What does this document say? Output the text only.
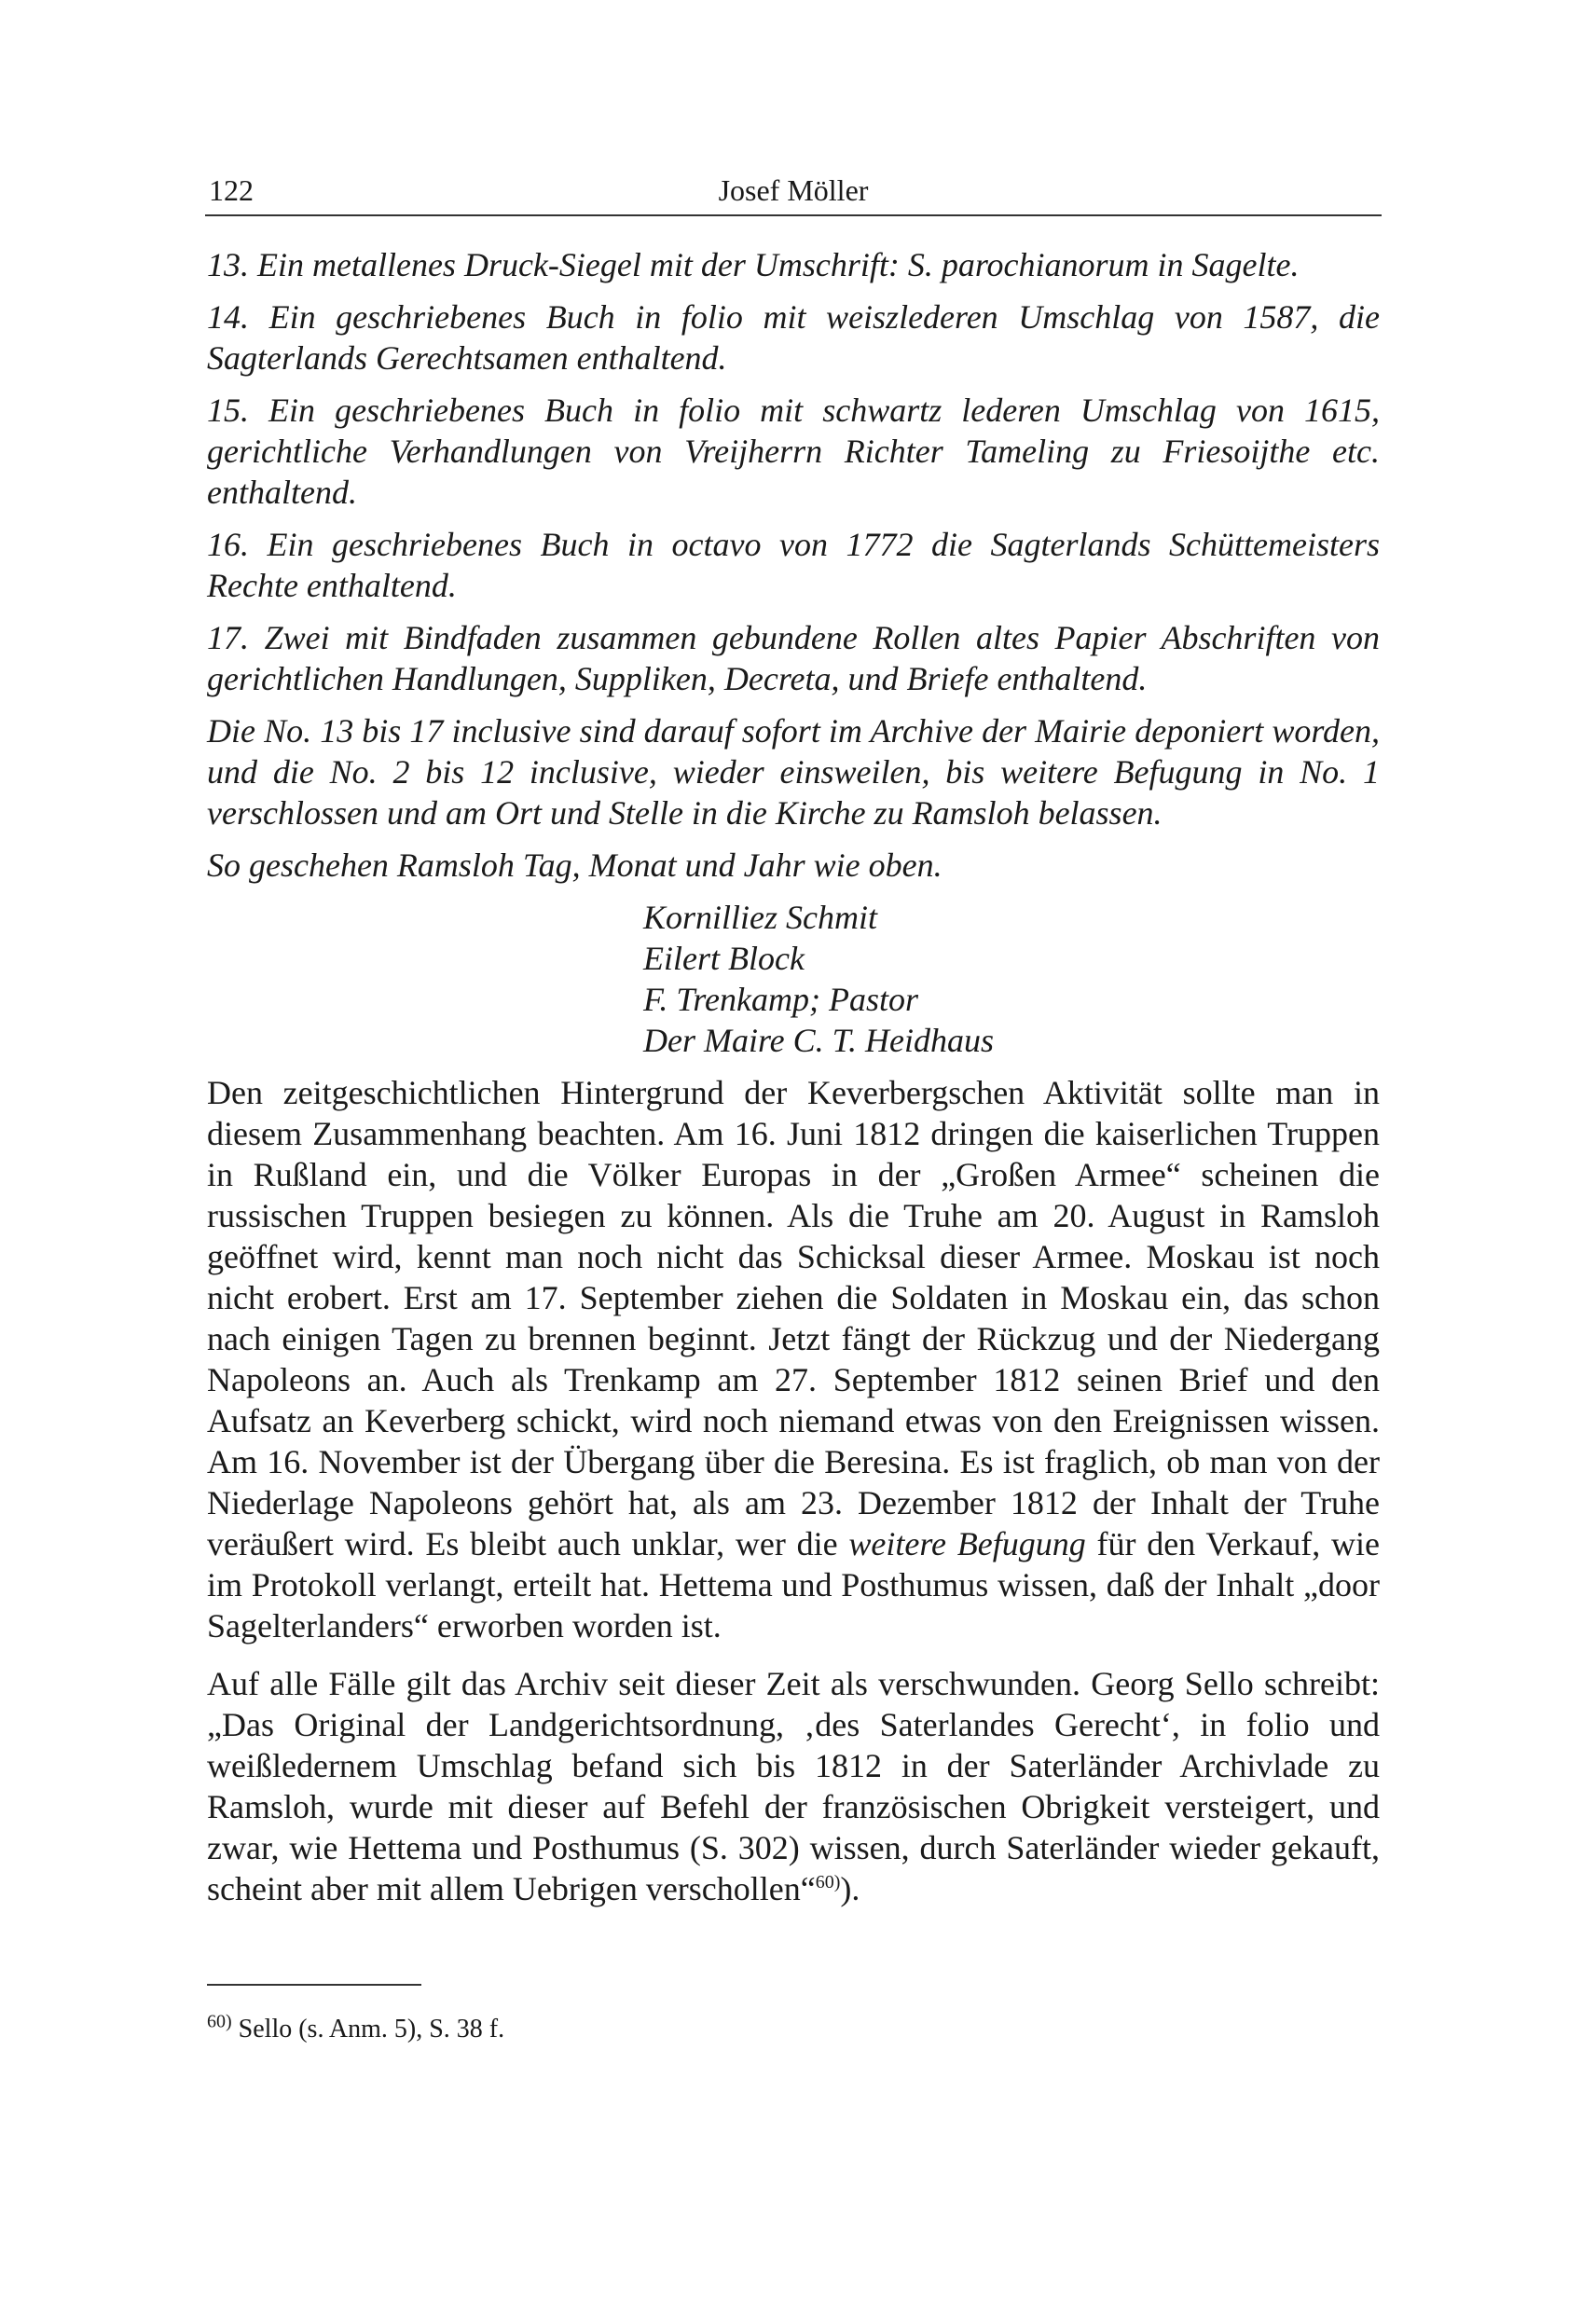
122	Josef Möller
13. Ein metallenes Druck-Siegel mit der Umschrift: S. parochianorum in Sagelte.
14. Ein geschriebenes Buch in folio mit weiszlederen Umschlag von 1587, die Sagterlands Gerechtsamen enthaltend.
15. Ein geschriebenes Buch in folio mit schwartz lederen Umschlag von 1615, gerichtliche Verhandlungen von Vreijherrn Richter Tameling zu Friesoijthe etc. enthaltend.
16. Ein geschriebenes Buch in octavo von 1772 die Sagterlands Schüttemeisters Rechte enthaltend.
17. Zwei mit Bindfaden zusammen gebundene Rollen altes Papier Abschriften von gerichtlichen Handlungen, Suppliken, Decreta, und Briefe enthaltend.
Die No. 13 bis 17 inclusive sind darauf sofort im Archive der Mairie deponiert worden, und die No. 2 bis 12 inclusive, wieder einsweilen, bis weitere Befugung in No. 1 verschlossen und am Ort und Stelle in die Kirche zu Ramsloh belassen.
So geschehen Ramsloh Tag, Monat und Jahr wie oben.
Kornilliez Schmit
Eilert Block
F. Trenkamp; Pastor
Der Maire C. T. Heidhaus

Den zeitgeschichtlichen Hintergrund der Keverbergschen Aktivität sollte man in diesem Zusammenhang beachten. Am 16. Juni 1812 dringen die kaiserlichen Truppen in Rußland ein, und die Völker Europas in der „Großen Armee“ scheinen die russischen Truppen besiegen zu können. Als die Truhe am 20. August in Ramsloh geöffnet wird, kennt man noch nicht das Schicksal dieser Armee. Moskau ist noch nicht erobert. Erst am 17. September ziehen die Soldaten in Moskau ein, das schon nach einigen Tagen zu brennen beginnt. Jetzt fängt der Rückzug und der Niedergang Napoleons an. Auch als Trenkamp am 27. September 1812 seinen Brief und den Aufsatz an Keverberg schickt, wird noch niemand etwas von den Ereignissen wissen. Am 16. November ist der Übergang über die Beresina. Es ist fraglich, ob man von der Niederlage Napoleons gehört hat, als am 23. Dezember 1812 der Inhalt der Truhe veräußert wird. Es bleibt auch unklar, wer die weitere Befugung für den Verkauf, wie im Protokoll verlangt, erteilt hat. Hettema und Posthumus wissen, daß der Inhalt „door Sagelterlanders“ erworben worden ist.

Auf alle Fälle gilt das Archiv seit dieser Zeit als verschwunden. Georg Sello schreibt: „Das Original der Landgerichtsordnung, ‚des Saterlandes Gerecht‘, in folio und weißledernem Umschlag befand sich bis 1812 in der Saterländer Archivlade zu Ramsloh, wurde mit dieser auf Befehl der französischen Obrigkeit versteigert, und zwar, wie Hettema und Posthumus (S. 302) wissen, durch Saterländer wieder gekauft, scheint aber mit allem Uebrigen verschollen“$^{60)}$).

$^{60)}$ Sello (s. Anm. 5), S. 38 f.
